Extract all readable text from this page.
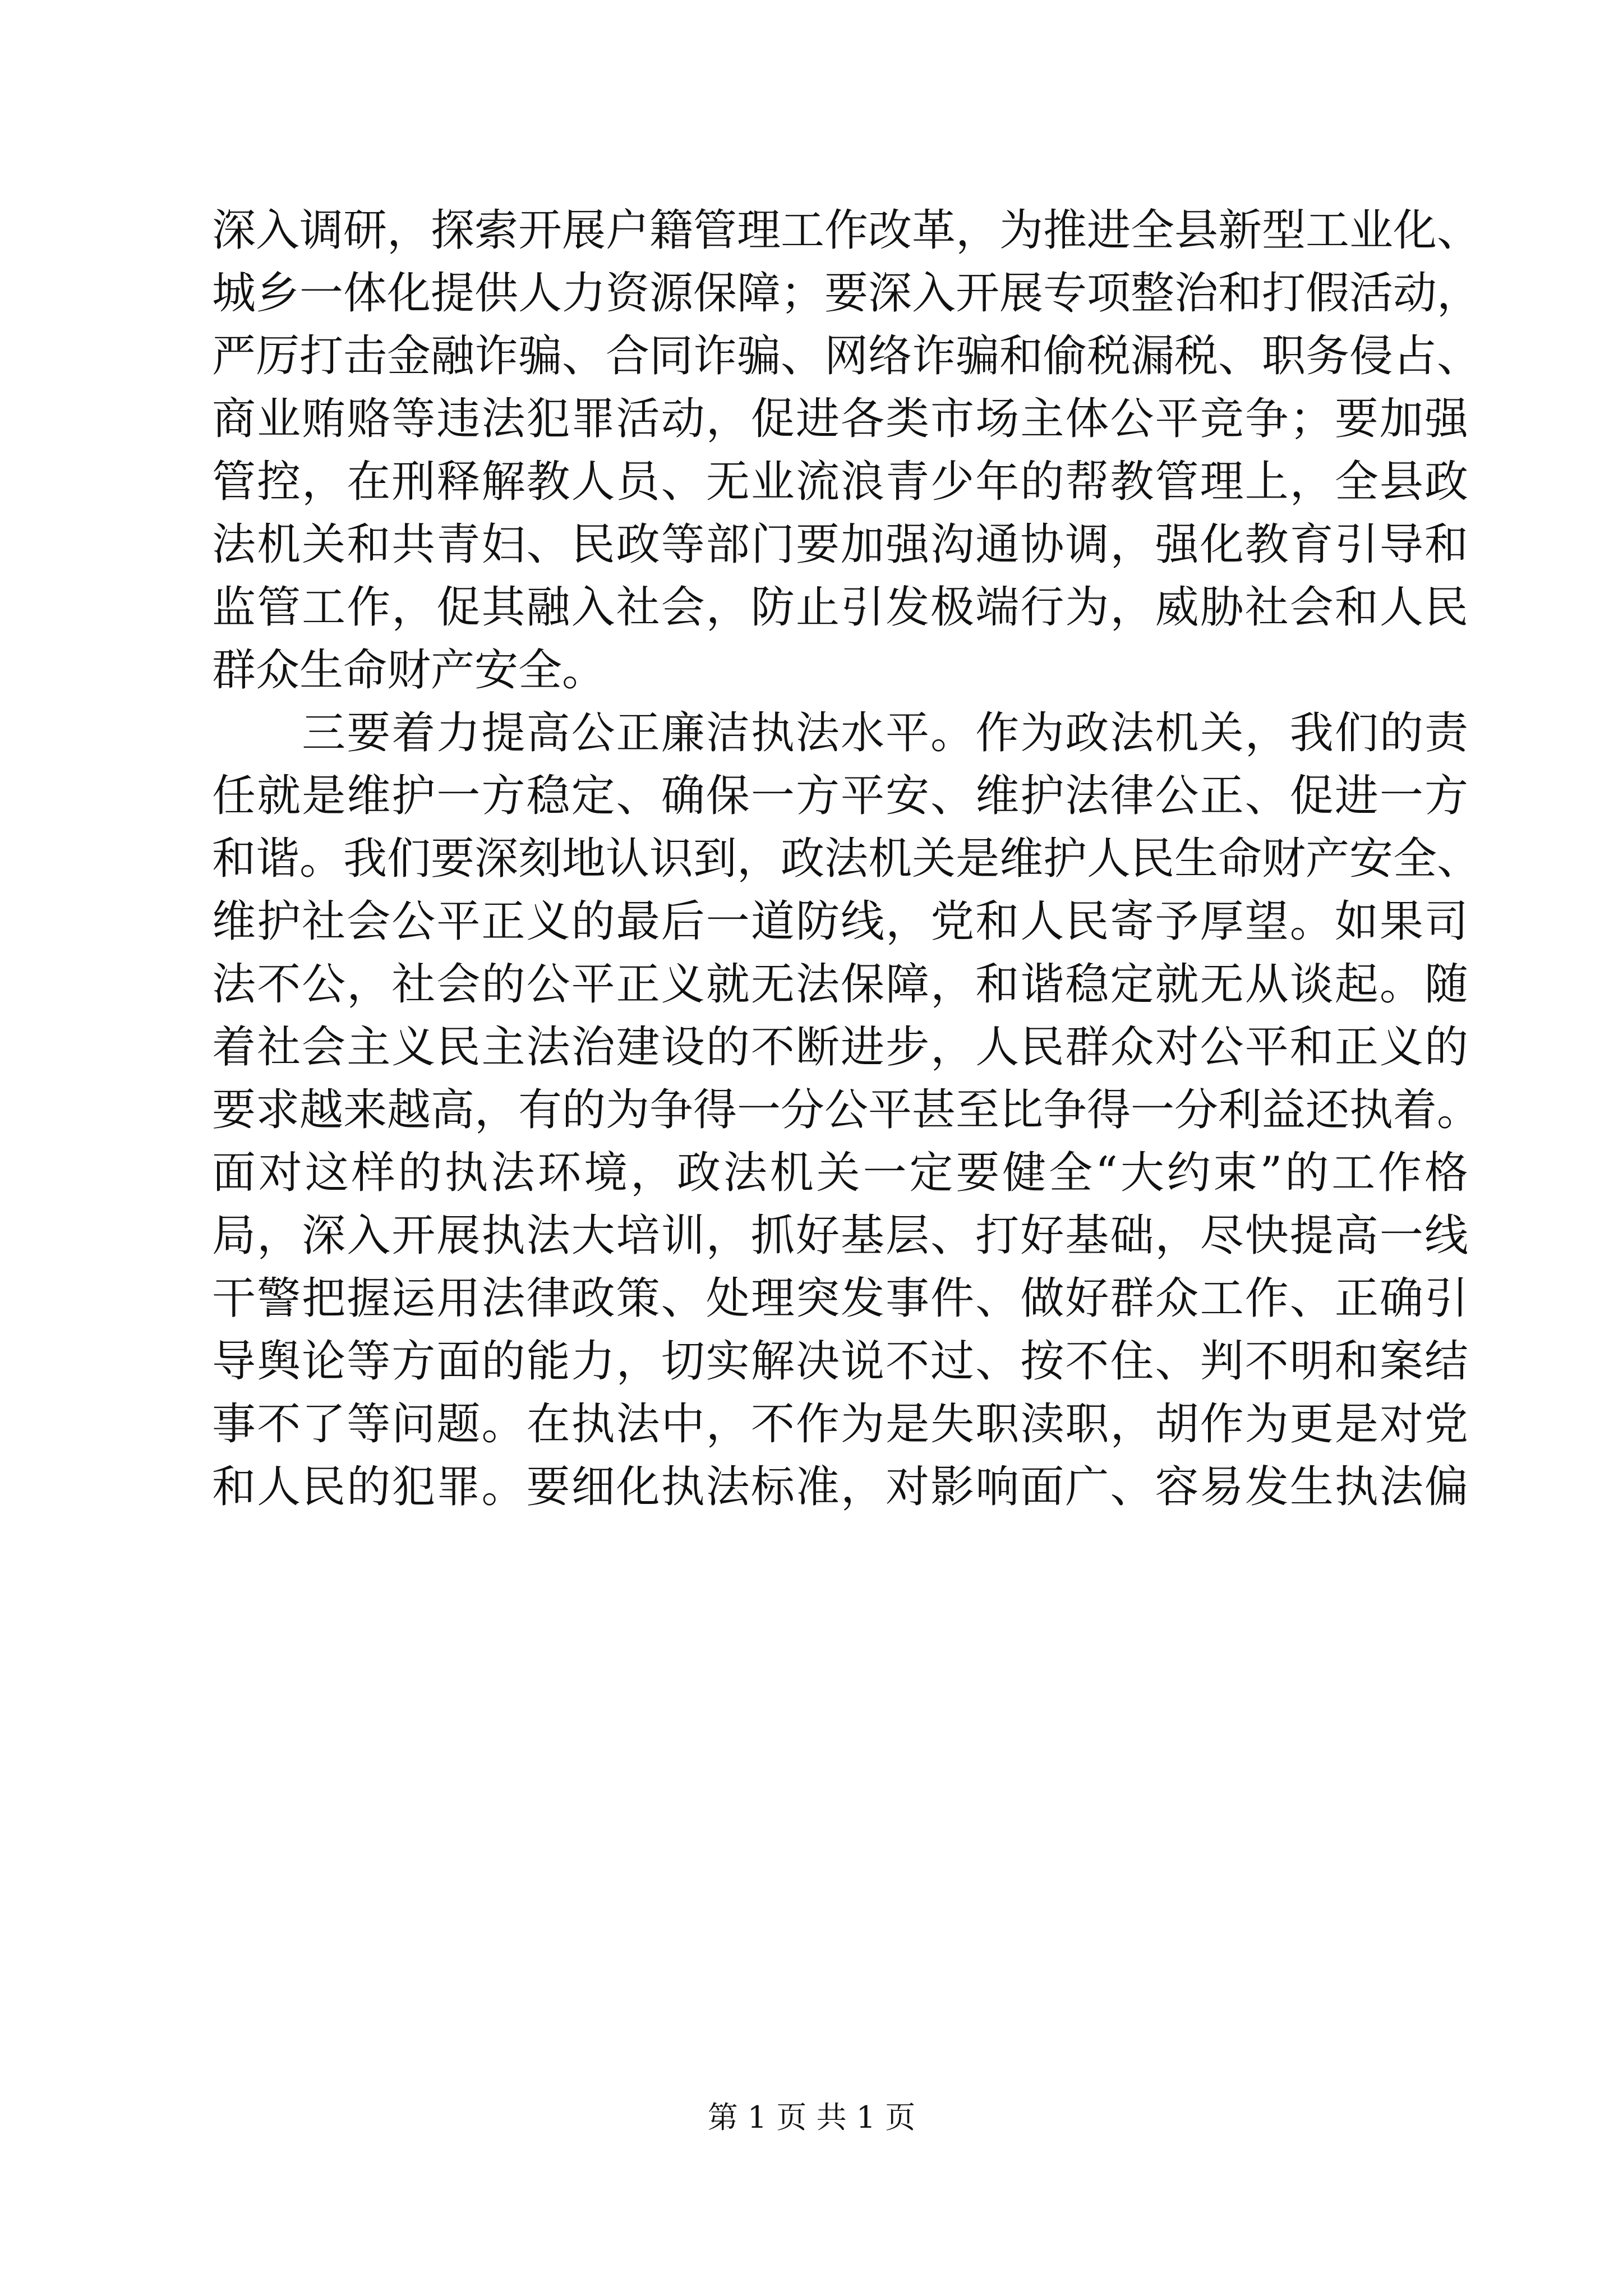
深入调研，探索开展户籍管理工作改革，为推进全县新型工业化、
城乡一体化提供人力资源保障；要深入开展专项整治和打假活动，
严厉打击金融诈骗、合同诈骗、网络诈骗和偷税漏税、职务侵占、
商业贿赂等违法犯罪活动，促进各类市场主体公平竞争；要加强
管控，在刑释解教人员、无业流浪青少年的帮教管理上，全县政
法机关和共青妇、民政等部门要加强沟通协调，强化教育引导和
监管工作，促其融入社会，防止引发极端行为，威胁社会和人民
群众生命财产安全。
　　三要着力提高公正廉洁执法水平。作为政法机关，我们的责
任就是维护一方稳定、确保一方平安、维护法律公正、促进一方
和谐。我们要深刻地认识到，政法机关是维护人民生命财产安全、
维护社会公平正义的最后一道防线，党和人民寄予厚望。如果司
法不公，社会的公平正义就无法保障，和谐稳定就无从谈起。随
着社会主义民主法治建设的不断进步，人民群众对公平和正义的
要求越来越高，有的为争得一分公平甚至比争得一分利益还执着。
面对这样的执法环境，政法机关一定要健全“大约束”的工作格
局，深入开展执法大培训，抓好基层、打好基础，尽快提高一线
干警把握运用法律政策、处理突发事件、做好群众工作、正确引
导舆论等方面的能力，切实解决说不过、按不住、判不明和案结
事不了等问题。在执法中，不作为是失职渎职，胡作为更是对党
和人民的犯罪。要细化执法标准，对影响面广、容易发生执法偏
第 1 页 共 1 页
